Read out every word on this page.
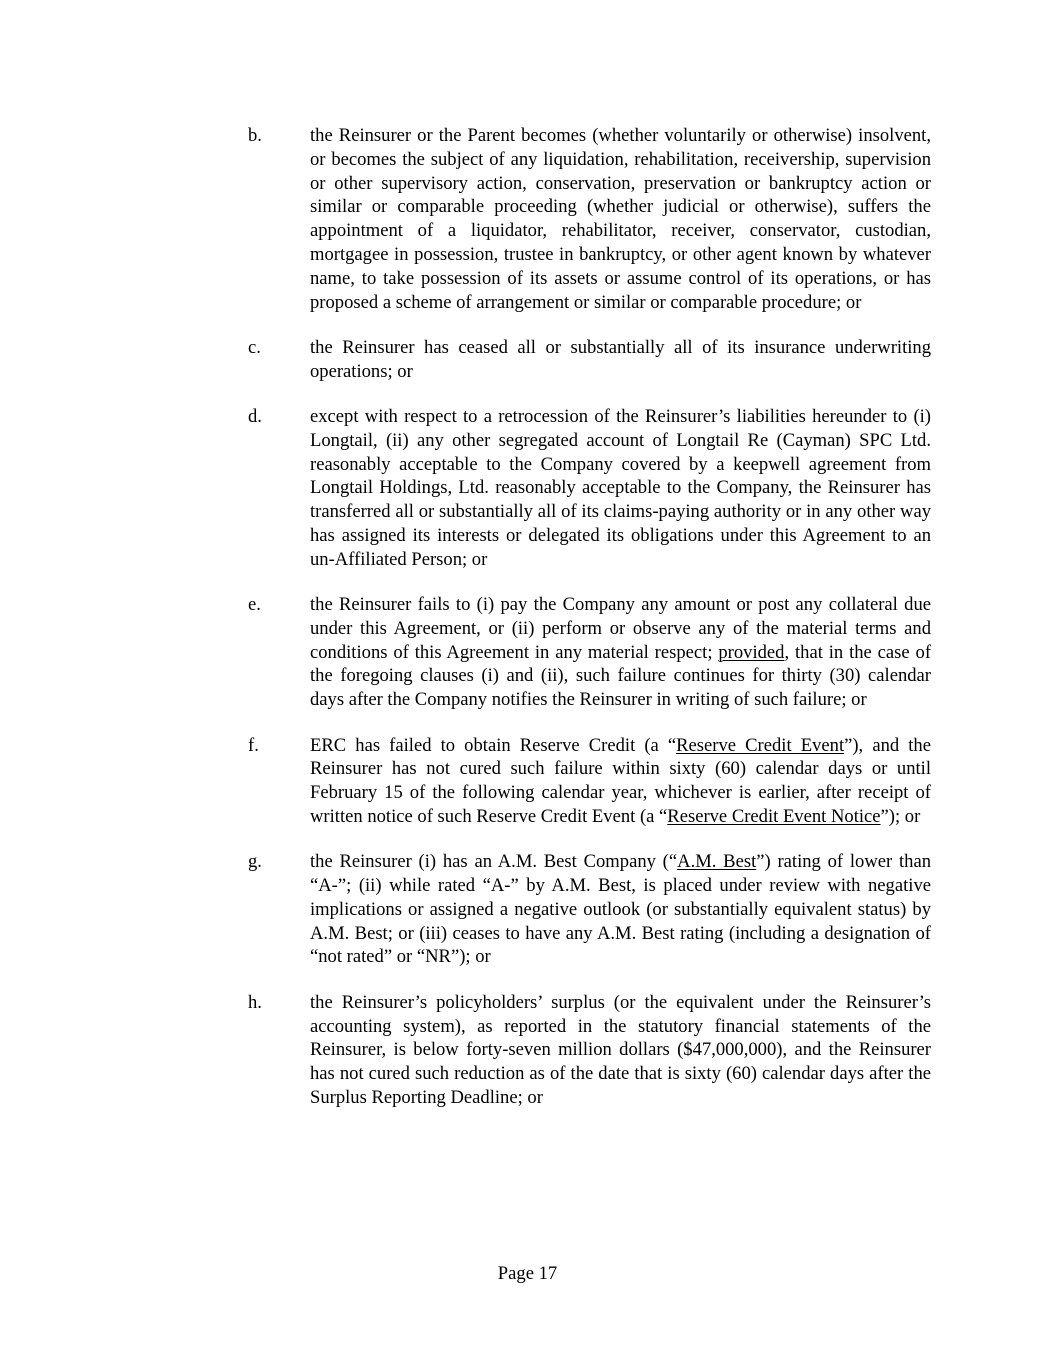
b.	the Reinsurer or the Parent becomes (whether voluntarily or otherwise) insolvent, or becomes the subject of any liquidation, rehabilitation, receivership, supervision or other supervisory action, conservation, preservation or bankruptcy action or similar or comparable proceeding (whether judicial or otherwise), suffers the appointment of a liquidator, rehabilitator, receiver, conservator, custodian, mortgagee in possession, trustee in bankruptcy, or other agent known by whatever name, to take possession of its assets or assume control of its operations, or has proposed a scheme of arrangement or similar or comparable procedure; or
c.	the Reinsurer has ceased all or substantially all of its insurance underwriting operations; or
d.	except with respect to a retrocession of the Reinsurer’s liabilities hereunder to (i) Longtail, (ii) any other segregated account of Longtail Re (Cayman) SPC Ltd. reasonably acceptable to the Company covered by a keepwell agreement from Longtail Holdings, Ltd. reasonably acceptable to the Company, the Reinsurer has transferred all or substantially all of its claims-paying authority or in any other way has assigned its interests or delegated its obligations under this Agreement to an un-Affiliated Person; or
e.	the Reinsurer fails to (i) pay the Company any amount or post any collateral due under this Agreement, or (ii) perform or observe any of the material terms and conditions of this Agreement in any material respect; provided, that in the case of the foregoing clauses (i) and (ii), such failure continues for thirty (30) calendar days after the Company notifies the Reinsurer in writing of such failure; or
f.	ERC has failed to obtain Reserve Credit (a “Reserve Credit Event”), and the Reinsurer has not cured such failure within sixty (60) calendar days or until February 15 of the following calendar year, whichever is earlier, after receipt of written notice of such Reserve Credit Event (a “Reserve Credit Event Notice”); or
g.	the Reinsurer (i) has an A.M. Best Company (“A.M. Best”) rating of lower than “A-”; (ii) while rated “A-” by A.M. Best, is placed under review with negative implications or assigned a negative outlook (or substantially equivalent status) by A.M. Best; or (iii) ceases to have any A.M. Best rating (including a designation of “not rated” or “NR”); or
h.	the Reinsurer’s policyholders’ surplus (or the equivalent under the Reinsurer’s accounting system), as reported in the statutory financial statements of the Reinsurer, is below forty-seven million dollars ($47,000,000), and the Reinsurer has not cured such reduction as of the date that is sixty (60) calendar days after the Surplus Reporting Deadline; or
Page 17
